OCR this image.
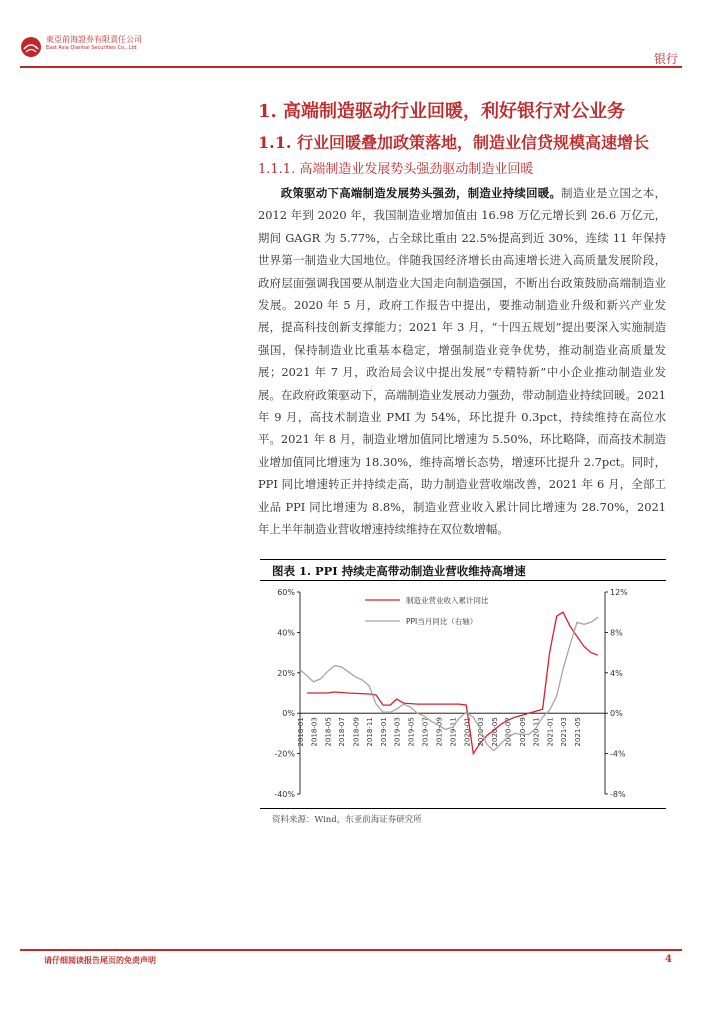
東亞前海證券有限責任公司
East Asia Qianhai Securities Co., Ltd.
银行
1. 高端制造驱动行业回暖，利好银行对公业务
1.1. 行业回暖叠加政策落地，制造业信贷规模高速增长
1.1.1. 高端制造业发展势头强劲驱动制造业回暖

政策驱动下高端制造发展势头强劲，制造业持续回暖。制造业是立国之本，2012 年到 2020 年，我国制造业增加值由 16.98 万亿元增长到 26.6 万亿元，期间 GAGR 为 5.77%，占全球比重由 22.5%提高到近 30%，连续 11 年保持世界第一制造业大国地位。伴随我国经济增长由高速增长进入高质量发展阶段，政府层面强调我国要从制造业大国走向制造强国，不断出台政策鼓励高端制造业发展。2020 年 5 月，政府工作报告中提出，要推动制造业升级和新兴产业发展，提高科技创新支撑能力；2021 年 3 月，“十四五规划”提出要深入实施制造强国，保持制造业比重基本稳定，增强制造业竞争优势，推动制造业高质量发展；2021 年 7 月，政治局会议中提出发展“专精特新”中小企业推动制造业发展。在政府政策驱动下，高端制造业发展动力强劲，带动制造业持续回暖。2021 年 9 月，高技术制造业 PMI 为 54%，环比提升 0.3pct，持续维持在高位水平。2021 年 8 月，制造业增加值同比增速为 5.50%，环比略降，而高技术制造业增加值同比增速为 18.30%，维持高增长态势，增速环比提升 2.7pct。同时，PPI 同比增速转正并持续走高，助力制造业营收端改善，2021 年 6 月，全部工业品 PPI 同比增速为 8.8%，制造业营业收入累计同比增速为 28.70%，2021 年上半年制造业营收增速持续维持在双位数增幅。

图表 1. PPI 持续走高带动制造业营收维持高增速
60%
40%
20%
0%
-20%
-40%
12%
8%
4%
0%
-4%
-8%
2018-01 2018-03 2018-05 2018-07 2018-09 2018-11 2019-01 2019-03 2019-05 2019-07 2019-09 2019-11 2020-01 2020-03 2020-05 2020-07 2020-09 2020-11 2021-01 2021-03 2021-05
制造业营业收入累计同比
PPI当月同比（右轴）
资料来源：Wind，东亚前海证券研究所
请仔细阅读报告尾页的免责声明	4
